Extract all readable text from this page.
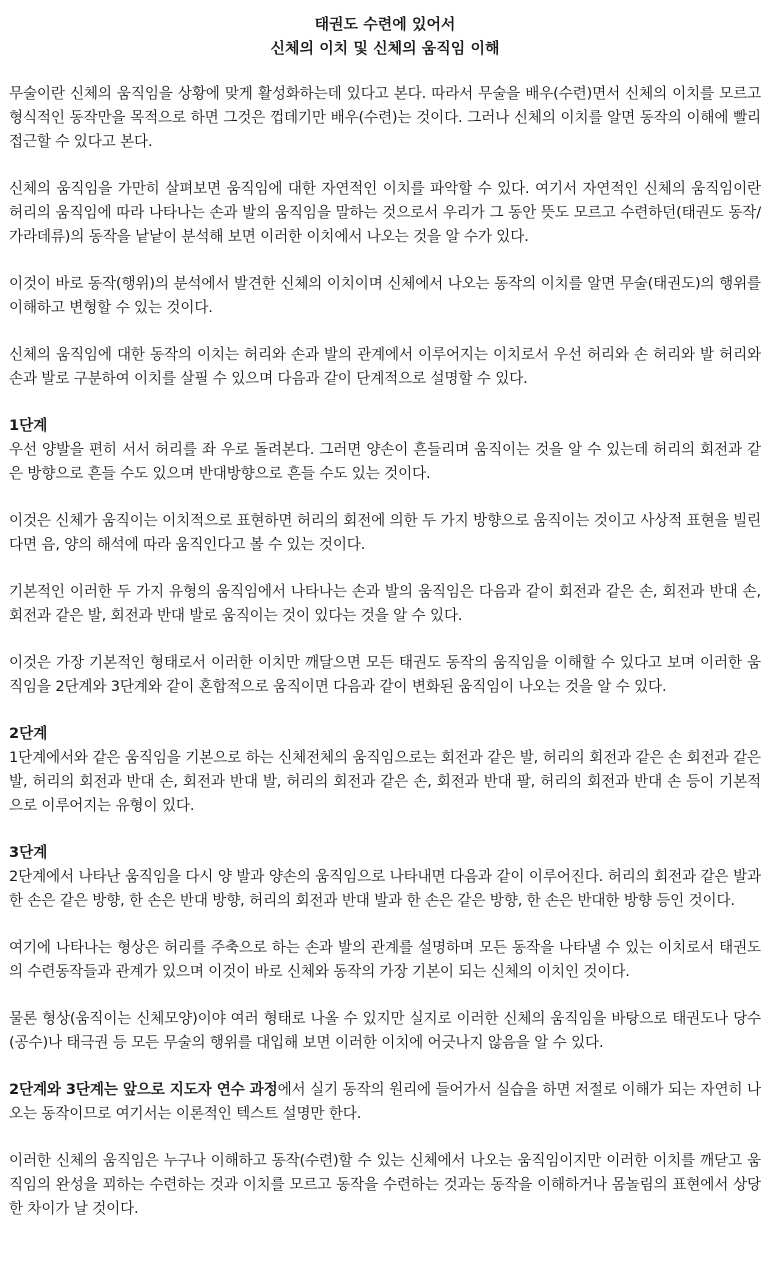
태권도 수련에 있어서

신체의 이치 및 신체의 움직임 이해

무술이란 신체의 움직임을 상황에 맞게 활성화하는데 있다고 본다. 따라서 무술을 배우(수련)면서 신체의 이치를 모르고 형식적인 동작만을 목적으로 하면 그것은 껍데기만 배우(수련)는 것이다. 그러나 신체의 이치를 알면 동작의 이해에 빨리 접근할 수 있다고 본다.

신체의 움직임을 가만히 살펴보면 움직임에 대한 자연적인 이치를 파악할 수 있다. 여기서 자연적인 신체의 움직임이란 허리의 움직임에 따라 나타나는 손과 발의 움직임을 말하는 것으로서 우리가 그 동안 뜻도 모르고 수련하던(태권도 동작/가라데류)의 동작을 낱낱이 분석해 보면 이러한 이치에서 나오는 것을 알 수가 있다.

이것이 바로 동작(행위)의 분석에서 발견한 신체의 이치이며 신체에서 나오는 동작의 이치를 알면 무술(태권도)의 행위를 이해하고 변형할 수 있는 것이다.

신체의 움직임에 대한 동작의 이치는 허리와 손과 발의 관계에서 이루어지는 이치로서 우선 허리와 손 허리와 발 허리와 손과 발로 구분하여 이치를 살필 수 있으며 다음과 같이 단계적으로 설명할 수 있다.

1단계

우선 양발을 편히 서서 허리를 좌 우로 돌려본다. 그러면 양손이 흔들리며 움직이는 것을 알 수 있는데 허리의 회전과 같은 방향으로 흔들 수도 있으며 반대방향으로 흔들 수도 있는 것이다.

이것은 신체가 움직이는 이치적으로 표현하면 허리의 회전에 의한 두 가지 방향으로 움직이는 것이고 사상적 표현을 빌린다면 음, 양의 해석에 따라 움직인다고 볼 수 있는 것이다.

기본적인 이러한 두 가지 유형의 움직임에서 나타나는 손과 발의 움직임은 다음과 같이 회전과 같은 손, 회전과 반대 손, 회전과 같은 발, 회전과 반대 발로 움직이는 것이 있다는 것을 알 수 있다.

이것은 가장 기본적인 형태로서 이러한 이치만 깨달으면 모든 태권도 동작의 움직임을 이해할 수 있다고 보며 이러한 움직임을 2단계와 3단계와 같이 혼합적으로 움직이면 다음과 같이 변화된 움직임이 나오는 것을 알 수 있다.

2단계

1단계에서와 같은 움직임을 기본으로 하는 신체전체의 움직임으로는 회전과 같은 발, 허리의 회전과 같은 손 회전과 같은 발, 허리의 회전과 반대 손, 회전과 반대 발, 허리의 회전과 같은 손, 회전과 반대 팔, 허리의 회전과 반대 손 등이 기본적으로 이루어지는 유형이 있다.

3단계

2단계에서 나타난 움직임을 다시 양 발과 양손의 움직임으로 나타내면 다음과 같이 이루어진다. 허리의 회전과 같은 발과 한 손은 같은 방향, 한 손은 반대 방향, 허리의 회전과 반대 발과 한 손은 같은 방향, 한 손은 반대한 방향 등인 것이다.

여기에 나타나는 형상은 허리를 주축으로 하는 손과 발의 관계를 설명하며 모든 동작을 나타낼 수 있는 이치로서 태권도의 수련동작들과 관계가 있으며 이것이 바로 신체와 동작의 가장 기본이 되는 신체의 이치인 것이다.

물론 형상(움직이는 신체모양)이야 여러 형태로 나올 수 있지만 실지로 이러한 신체의 움직임을 바탕으로 태권도나 당수(공수)나 태극권 등 모든 무술의 행위를 대입해 보면 이러한 이치에 어긋나지 않음을 알 수 있다.

2단계와 3단계는 앞으로 지도자 연수 과정에서 실기 동작의 원리에 들어가서 실습을 하면 저절로 이해가 되는 자연히 나오는 동작이므로 여기서는 이론적인 텍스트 설명만 한다.

이러한 신체의 움직임은 누구나 이해하고 동작(수련)할 수 있는 신체에서 나오는 움직임이지만 이러한 이치를 깨닫고 움직임의 완성을 꾀하는 수련하는 것과 이치를 모르고 동작을 수련하는 것과는 동작을 이해하거나 몸놀림의 표현에서 상당한 차이가 날 것이다.
